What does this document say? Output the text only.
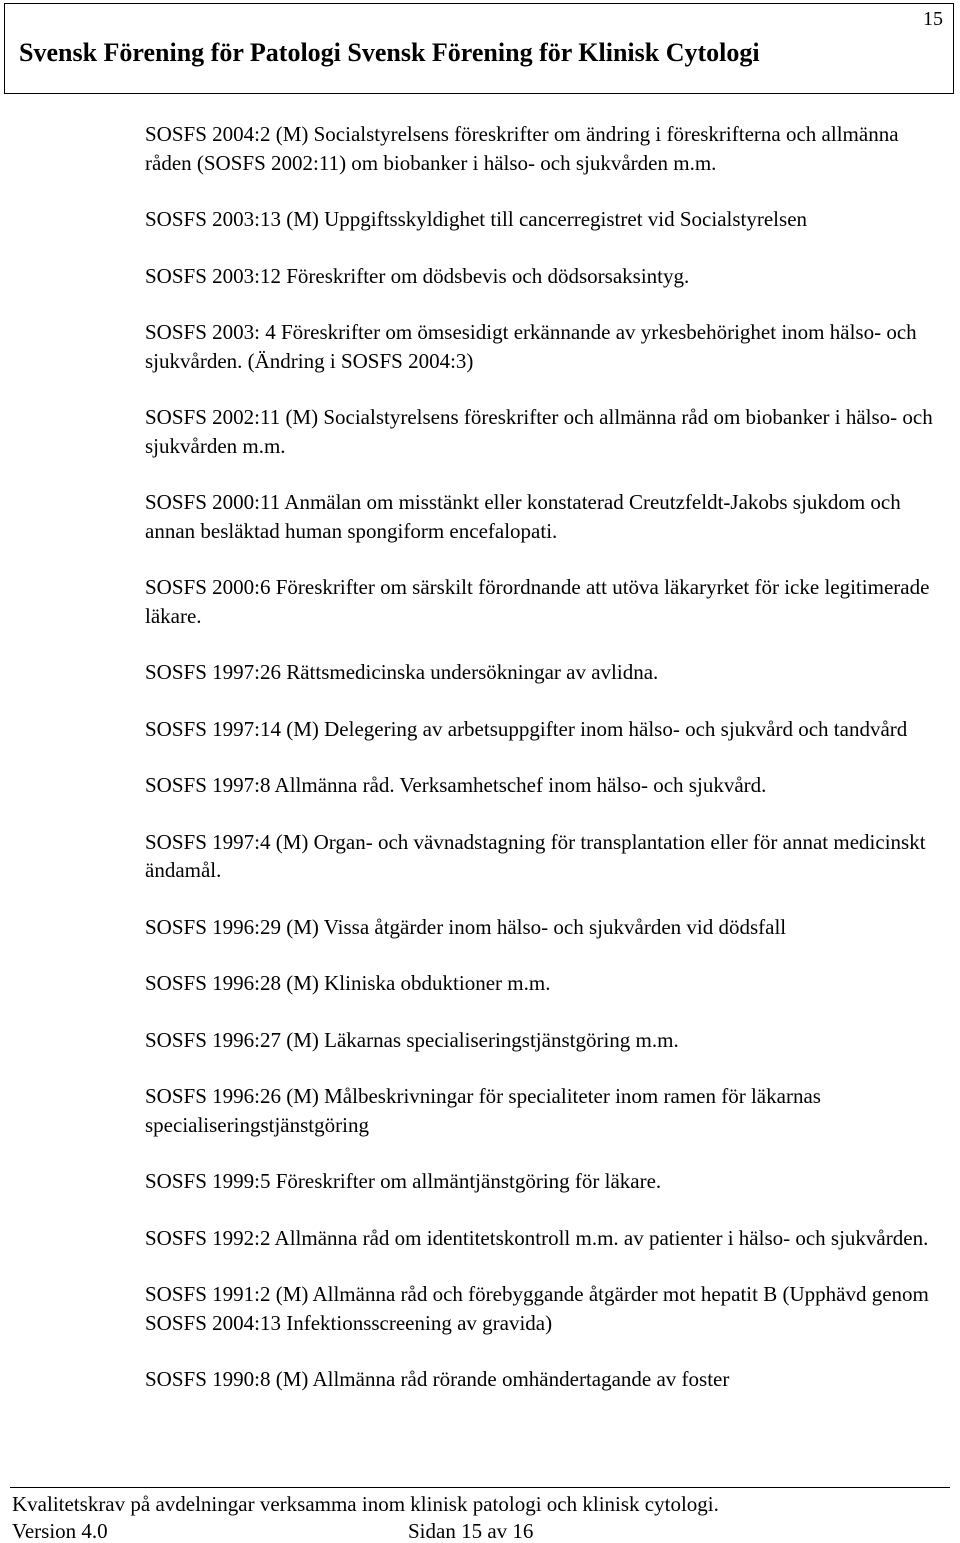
15
Svensk Förening för Patologi Svensk Förening för Klinisk Cytologi
SOSFS 2004:2 (M) Socialstyrelsens föreskrifter om ändring i föreskrifterna och allmänna råden (SOSFS 2002:11) om biobanker i hälso- och sjukvården m.m.
SOSFS 2003:13 (M) Uppgiftsskyldighet till cancerregistret vid Socialstyrelsen
SOSFS 2003:12 Föreskrifter om dödsbevis och dödsorsaksintyg.
SOSFS 2003: 4 Föreskrifter om ömsesidigt erkännande av yrkesbehörighet inom hälso- och sjukvården. (Ändring i SOSFS 2004:3)
SOSFS 2002:11 (M) Socialstyrelsens föreskrifter och allmänna råd om biobanker i hälso- och sjukvården m.m.
SOSFS 2000:11 Anmälan om misstänkt eller konstaterad Creutzfeldt-Jakobs sjukdom och annan besläktad human spongiform encefalopati.
SOSFS 2000:6 Föreskrifter om särskilt förordnande att utöva läkaryrket för icke legitimerade läkare.
SOSFS 1997:26 Rättsmedicinska undersökningar av avlidna.
SOSFS 1997:14 (M) Delegering av arbetsuppgifter inom hälso- och sjukvård och tandvård
SOSFS 1997:8 Allmänna råd. Verksamhetschef inom hälso- och sjukvård.
SOSFS 1997:4 (M) Organ- och vävnadstagning för transplantation eller för annat medicinskt ändamål.
SOSFS 1996:29 (M) Vissa åtgärder inom hälso- och sjukvården vid dödsfall
SOSFS 1996:28 (M) Kliniska obduktioner m.m.
SOSFS 1996:27 (M) Läkarnas specialiseringstjänstgöring m.m.
SOSFS 1996:26 (M) Målbeskrivningar för specialiteter inom ramen för läkarnas specialiseringstjänstgöring
SOSFS 1999:5 Föreskrifter om allmäntjänstgöring för läkare.
SOSFS 1992:2 Allmänna råd om identitetskontroll m.m. av patienter i hälso- och sjukvården.
SOSFS 1991:2 (M) Allmänna råd och förebyggande åtgärder mot hepatit B (Upphävd genom SOSFS 2004:13 Infektionsscreening av gravida)
SOSFS 1990:8 (M) Allmänna råd rörande omhändertagande av foster
Kvalitetskrav på avdelningar verksamma inom klinisk patologi och klinisk cytologi.
Version 4.0	Sidan 15 av 16
